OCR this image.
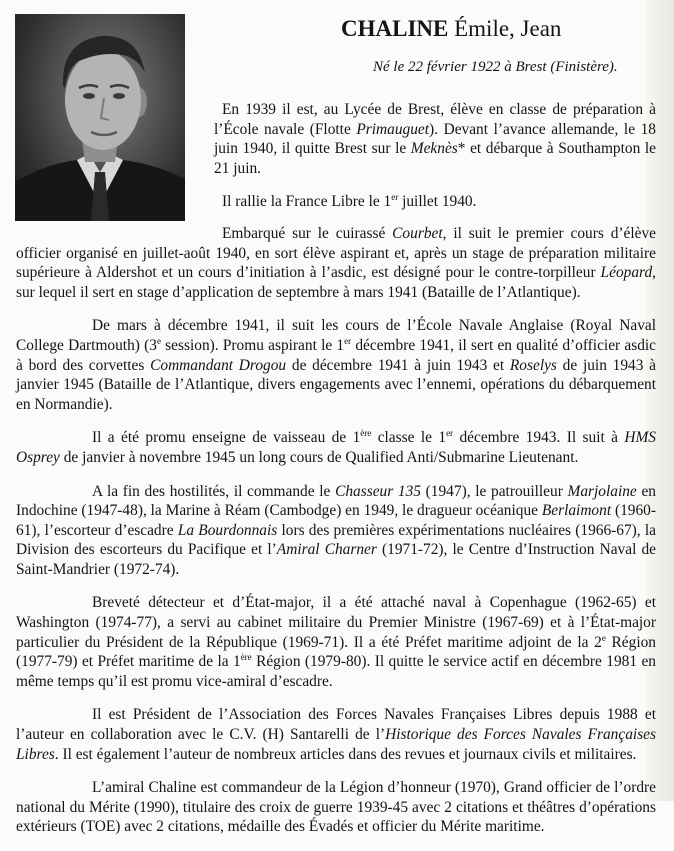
CHALINE Émile, Jean
Né le 22 février 1922 à Brest (Finistère).

En 1939 il est, au Lycée de Brest, élève en classe de préparation à l’École navale (Flotte Primauguet). Devant l’avance allemande, le 18 juin 1940, il quitte Brest sur le Meknès* et débarque à Southampton le 21 juin.

Il rallie la France Libre le 1er juillet 1940.

Embarqué sur le cuirassé Courbet, il suit le premier cours d’élève officier organisé en juillet-août 1940, en sort élève aspirant et, après un stage de préparation militaire supérieure à Aldershot et un cours d’initiation à l’asdic, est désigné pour le contre-torpilleur Léopard, sur lequel il sert en stage d’application de septembre à mars 1941 (Bataille de l’Atlantique).

De mars à décembre 1941, il suit les cours de l’École Navale Anglaise (Royal Naval College Dartmouth) (3e session). Promu aspirant le 1er décembre 1941, il sert en qualité d’officier asdic à bord des corvettes Commandant Drogou de décembre 1941 à juin 1943 et Roselys de juin 1943 à janvier 1945 (Bataille de l’Atlantique, divers engagements avec l’ennemi, opérations du débarquement en Normandie).

Il a été promu enseigne de vaisseau de 1ère classe le 1er décembre 1943. Il suit à HMS Osprey de janvier à novembre 1945 un long cours de Qualified Anti/Submarine Lieutenant.

A la fin des hostilités, il commande le Chasseur 135 (1947), le patrouilleur Marjolaine en Indochine (1947-48), la Marine à Réam (Cambodge) en 1949, le dragueur océanique Berlaimont (1960-61), l’escorteur d’escadre La Bourdonnais lors des premières expérimentations nucléaires (1966-67), la Division des escorteurs du Pacifique et l’Amiral Charner (1971-72), le Centre d’Instruction Naval de Saint-Mandrier (1972-74).

Breveté détecteur et d’État-major, il a été attaché naval à Copenhague (1962-65) et Washington (1974-77), a servi au cabinet militaire du Premier Ministre (1967-69) et à l’État-major particulier du Président de la République (1969-71). Il a été Préfet maritime adjoint de la 2e Région (1977-79) et Préfet maritime de la 1ère Région (1979-80). Il quitte le service actif en décembre 1981 en même temps qu’il est promu vice-amiral d’escadre.

Il est Président de l’Association des Forces Navales Françaises Libres depuis 1988 et l’auteur en collaboration avec le C.V. (H) Santarelli de l’Historique des Forces Navales Françaises Libres. Il est également l’auteur de nombreux articles dans des revues et journaux civils et militaires.

L’amiral Chaline est commandeur de la Légion d’honneur (1970), Grand officier de l’ordre national du Mérite (1990), titulaire des croix de guerre 1939-45 avec 2 citations et théâtres d’opérations extérieurs (TOE) avec 2 citations, médaille des Évadés et officier du Mérite maritime.
